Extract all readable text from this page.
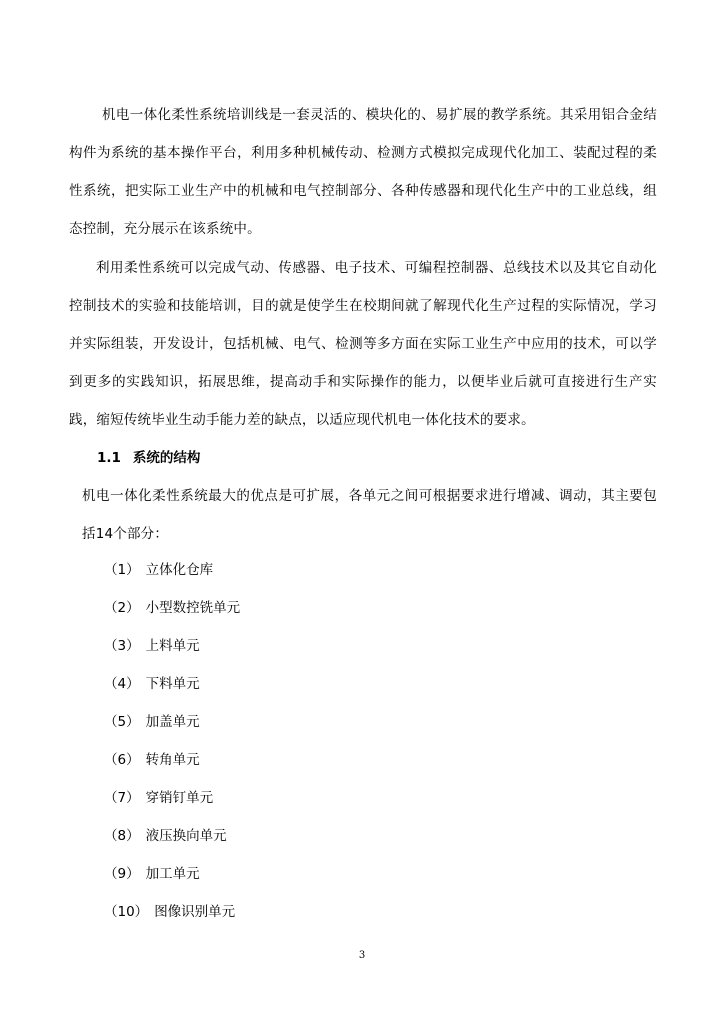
机电一体化柔性系统培训线是一套灵活的、模块化的、易扩展的教学系统。其采用铝合金结构件为系统的基本操作平台，利用多种机械传动、检测方式模拟完成现代化加工、装配过程的柔性系统，把实际工业生产中的机械和电气控制部分、各种传感器和现代化生产中的工业总线，组态控制，充分展示在该系统中。

利用柔性系统可以完成气动、传感器、电子技术、可编程控制器、总线技术以及其它自动化控制技术的实验和技能培训，目的就是使学生在校期间就了解现代化生产过程的实际情况，学习并实际组装，开发设计，包括机械、电气、检测等多方面在实际工业生产中应用的技术，可以学到更多的实践知识，拓展思维，提高动手和实际操作的能力，以便毕业后就可直接进行生产实践，缩短传统毕业生动手能力差的缺点，以适应现代机电一体化技术的要求。

1.1 系统的结构

机电一体化柔性系统最大的优点是可扩展，各单元之间可根据要求进行增减、调动，其主要包括14个部分：

（1） 立体化仓库

（2） 小型数控铣单元

（3） 上料单元

（4） 下料单元

（5） 加盖单元

（6） 转角单元

（7） 穿销钉单元

（8） 液压换向单元

（9） 加工单元

（10） 图像识别单元

3
